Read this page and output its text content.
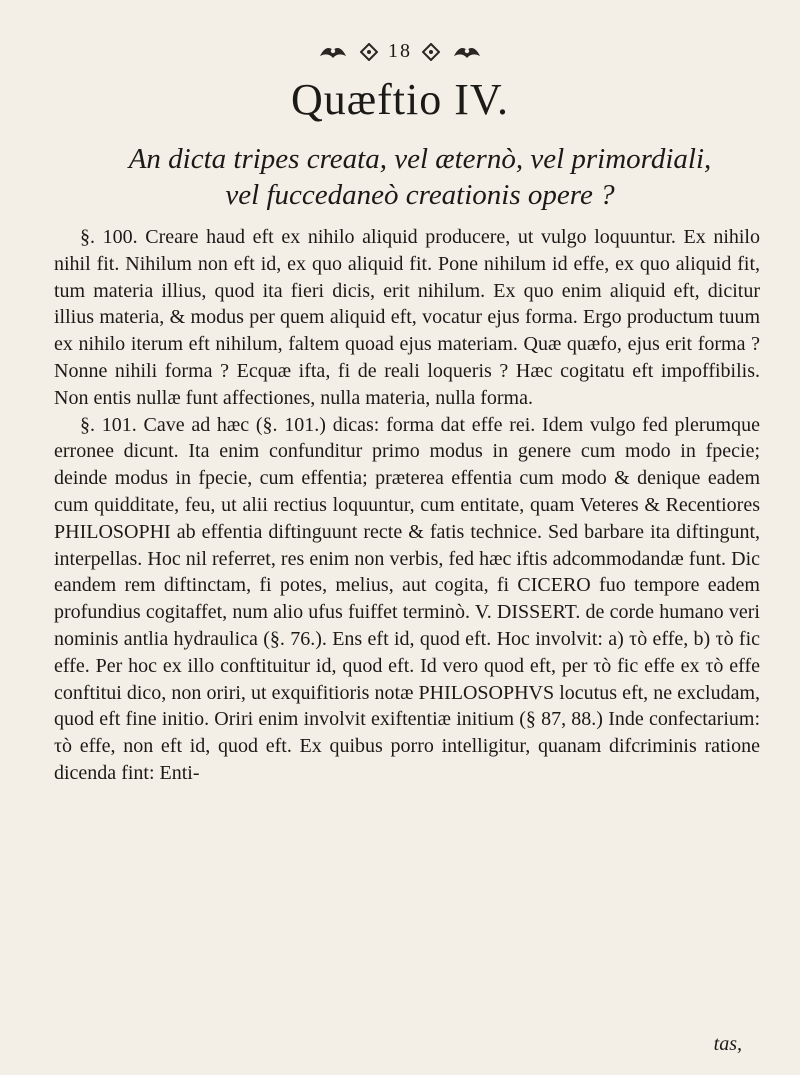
18
Quæftio IV.
An dicta tripes creata, vel æternò, vel primordiali,
vel fuccedaneò creationis opere ?

§. 100. Creare haud eft ex nihilo aliquid producere, ut vulgo loquuntur. Ex nihilo nihil fit. Nihilum non eft id, ex quo aliquid fit. Pone nihilum id effe, ex quo aliquid fit, tum materia illius, quod ita fieri dicis, erit nihilum. Ex quo enim aliquid eft, dicitur illius materia, & modus per quem aliquid eft, vocatur ejus forma. Ergo productum tuum ex nihilo iterum eft nihilum, faltem quoad ejus materiam. Quæ quæfo, ejus erit forma ? Nonne nihili forma ? Ecquæ ifta, fi de reali loqueris ? Hæc cogitatu eft impoffibilis. Non entis nullæ funt affectiones, nulla materia, nulla forma.

§. 101. Cave ad hæc (§. 101.) dicas: forma dat effe rei. Idem vulgo fed plerumque erronee dicunt. Ita enim confunditur primo modus in genere cum modo in fpecie; deinde modus in fpecie, cum effentia; præterea effentia cum modo & denique eadem cum quidditate, feu, ut alii rectius loquuntur, cum entitate, quam Veteres & Recentiores PHILOSOPHI ab effentia diftinguunt recte & fatis technice. Sed barbare ita diftingunt, interpellas. Hoc nil referret, res enim non verbis, fed hæc iftis adcommodandæ funt. Dic eandem rem diftinctam, fi potes, melius, aut cogita, fi CICERO fuo tempore eadem profundius cogitaffet, num alio ufus fuiffet terminò. V. DISSERT. de corde humano veri nominis antlia hydraulica (§. 76.). Ens eft id, quod eft. Hoc involvit: a) τò effe, b) τò fic effe. Per hoc ex illo conftituitur id, quod eft. Id vero quod eft, per τò fic effe ex τò effe conftitui dico, non oriri, ut exquifitioris notæ PHILOSOPHVS locutus eft, ne excludam, quod eft fine initio. Oriri enim involvit exiftentiæ initium (§ 87, 88.) Inde confectarium: τò effe, non eft id, quod eft. Ex quibus porro intelligitur, quanam difcriminis ratione dicenda fint: Enti-

tas,
